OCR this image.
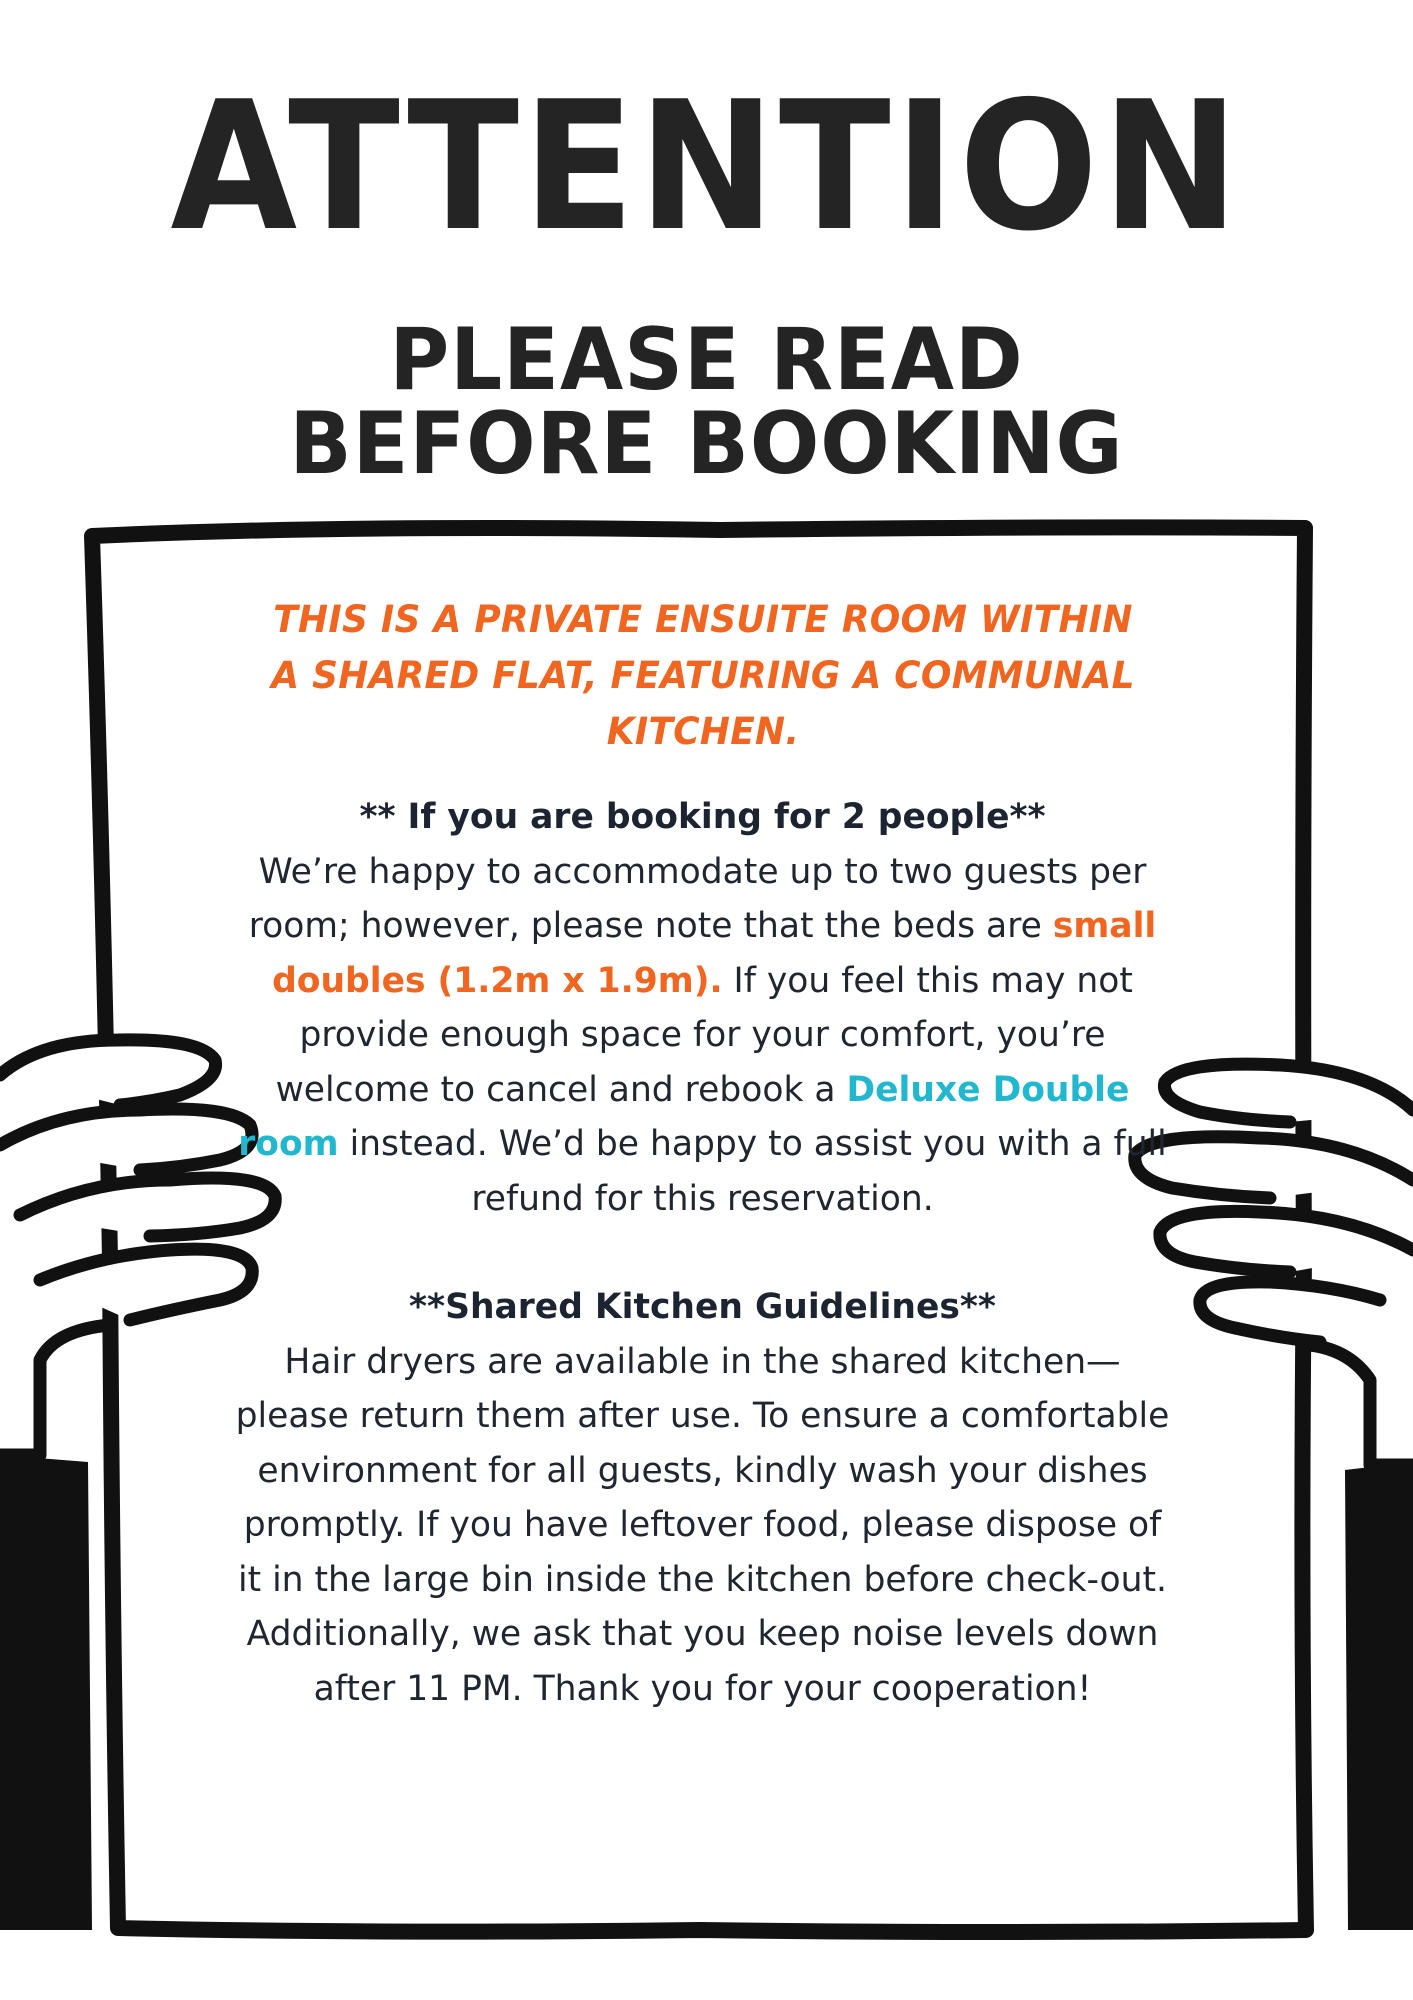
ATTENTION
PLEASE READ
BEFORE BOOKING
THIS IS A PRIVATE ENSUITE ROOM WITHIN A SHARED FLAT, FEATURING A COMMUNAL KITCHEN.
** If you are booking for 2 people**
We’re happy to accommodate up to two guests per room; however, please note that the beds are small doubles (1.2m x 1.9m). If you feel this may not provide enough space for your comfort, you’re welcome to cancel and rebook a Deluxe Double room instead. We’d be happy to assist you with a full refund for this reservation.
**Shared Kitchen Guidelines**
Hair dryers are available in the shared kitchen—please return them after use. To ensure a comfortable environment for all guests, kindly wash your dishes promptly. If you have leftover food, please dispose of it in the large bin inside the kitchen before check-out. Additionally, we ask that you keep noise levels down after 11 PM. Thank you for your cooperation!
